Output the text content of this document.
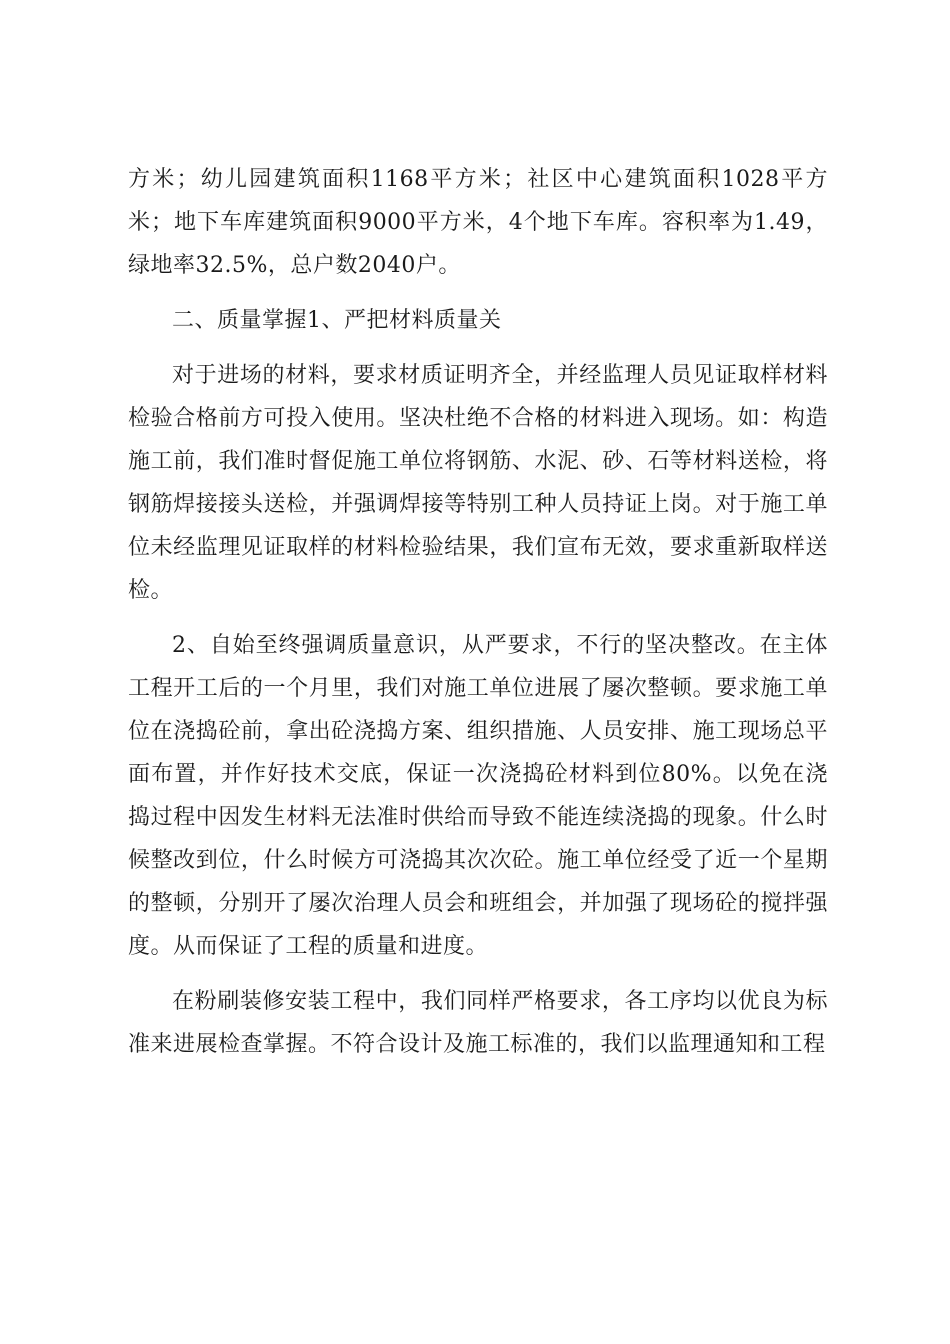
方米；幼儿园建筑面积1168平方米；社区中心建筑面积1028平方米；地下车库建筑面积9000平方米，4个地下车库。容积率为1.49，绿地率32.5%，总户数2040户。

二、质量掌握1、严把材料质量关

对于进场的材料，要求材质证明齐全，并经监理人员见证取样材料检验合格前方可投入使用。坚决杜绝不合格的材料进入现场。如：构造施工前，我们准时督促施工单位将钢筋、水泥、砂、石等材料送检，将钢筋焊接接头送检，并强调焊接等特别工种人员持证上岗。对于施工单位未经监理见证取样的材料检验结果，我们宣布无效，要求重新取样送检。

2、自始至终强调质量意识，从严要求，不行的坚决整改。在主体工程开工后的一个月里，我们对施工单位进展了屡次整顿。要求施工单位在浇捣砼前，拿出砼浇捣方案、组织措施、人员安排、施工现场总平面布置，并作好技术交底，保证一次浇捣砼材料到位80%。以免在浇捣过程中因发生材料无法准时供给而导致不能连续浇捣的现象。什么时候整改到位，什么时候方可浇捣其次次砼。施工单位经受了近一个星期的整顿，分别开了屡次治理人员会和班组会，并加强了现场砼的搅拌强度。从而保证了工程的质量和进度。

在粉刷装修安装工程中，我们同样严格要求，各工序均以优良为标准来进展检查掌握。不符合设计及施工标准的，我们以监理通知和工程
